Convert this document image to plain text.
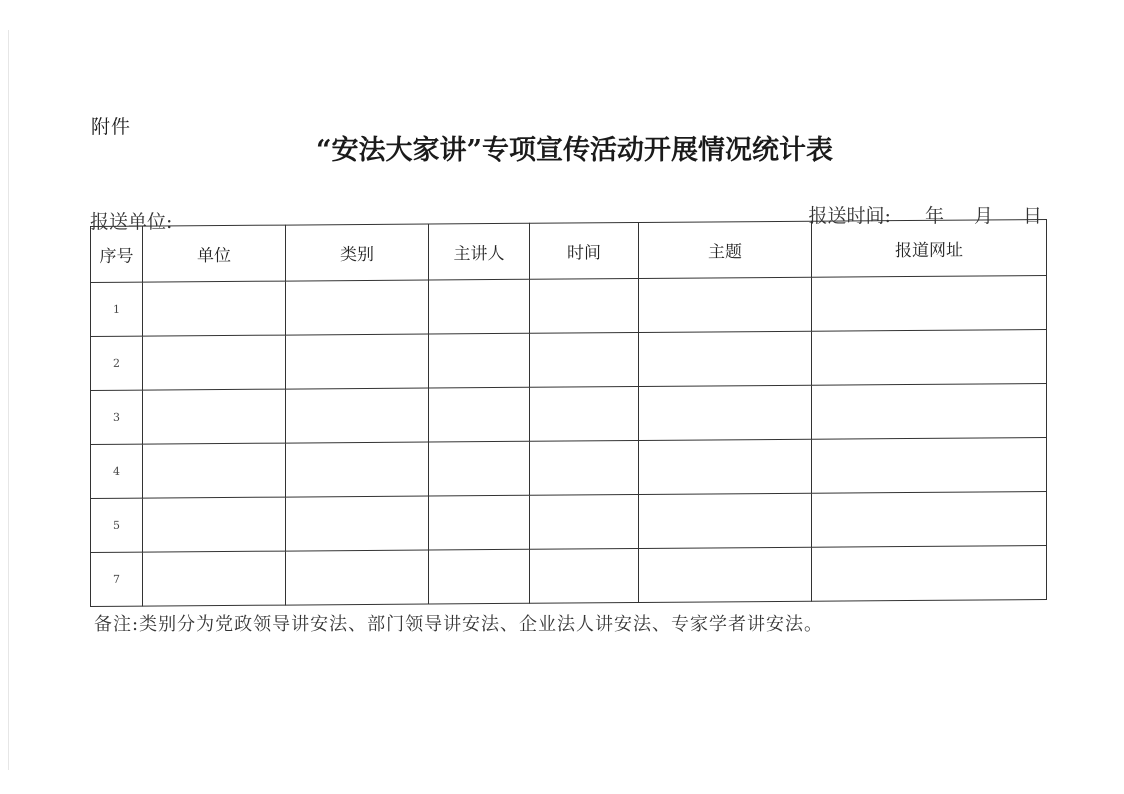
附件
“安法大家讲”专项宣传活动开展情况统计表
报送单位:	报送时间: 年 月 日
序号	单位	类别	主讲人	时间	主题	报道网址
1						
2						
3						
4						
5						
7						
备注:类别分为党政领导讲安法、部门领导讲安法、企业法人讲安法、专家学者讲安法。
